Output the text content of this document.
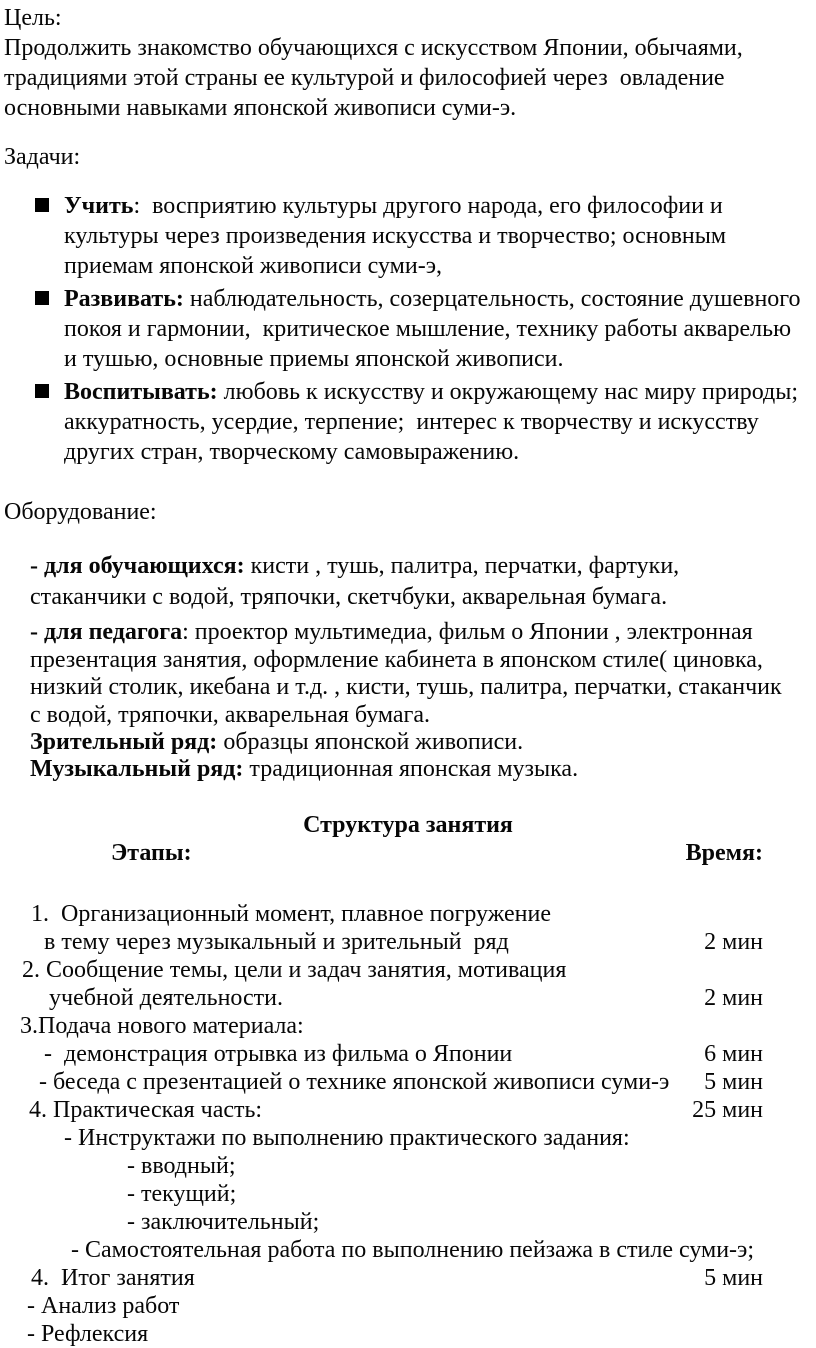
Цель:
Продолжить знакомство обучающихся с искусством Японии, обычаями,
традициями этой страны ее культурой и философией через  овладение
основными навыками японской живописи суми-э.
Задачи:
Учить:  восприятию культуры другого народа, его философии и
культуры через произведения искусства и творчество; основным
приемам японской живописи суми-э,
Развивать: наблюдательность, созерцательность, состояние душевного
покоя и гармонии,  критическое мышление, технику работы акварелью
и тушью, основные приемы японской живописи.
Воспитывать: любовь к искусству и окружающему нас миру природы;
аккуратность, усердие, терпение;  интерес к творчеству и искусству
других стран, творческому самовыражению.
Оборудование:
- для обучающихся: кисти , тушь, палитра, перчатки, фартуки,
стаканчики с водой, тряпочки, скетчбуки, акварельная бумага.
- для педагога: проектор мультимедиа, фильм о Японии , электронная
презентация занятия, оформление кабинета в японском стиле( циновка,
низкий столик, икебана и т.д. , кисти, тушь, палитра, перчатки, стаканчик
с водой, тряпочки, акварельная бумага.
Зрительный ряд: образцы японской живописи.
Музыкальный ряд: традиционная японская музыка.
Структура занятия
Этапы:	Время:
1.  Организационный момент, плавное погружение
в тему через музыкальный и зрительный  ряд	2 мин
2. Сообщение темы, цели и задач занятия, мотивация
учебной деятельности.	2 мин
3.Подача нового материала:
-  демонстрация отрывка из фильма о Японии	6 мин
- беседа с презентацией о технике японской живописи суми-э 5 мин
4. Практическая часть:	25 мин
- Инструктажи по выполнению практического задания:
- вводный;
- текущий;
- заключительный;
- Самостоятельная работа по выполнению пейзажа в стиле суми-э;
4.  Итог занятия	5 мин
- Анализ работ
- Рефлексия
